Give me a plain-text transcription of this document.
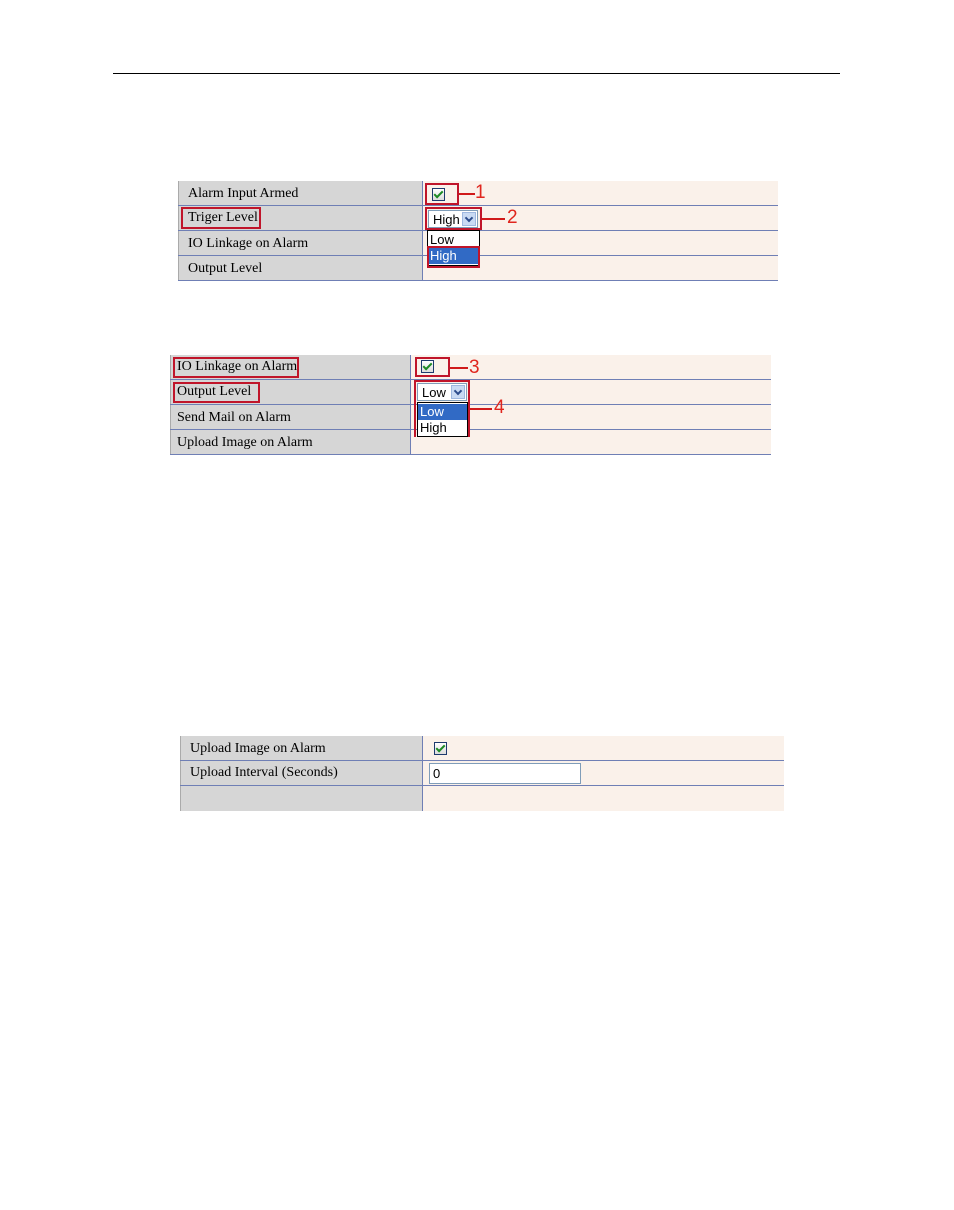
Alarm Input Armed
Triger Level
IO Linkage on Alarm
Output Level
High
Low
High
1
2
IO Linkage on Alarm
Output Level
Send Mail on Alarm
Upload Image on Alarm
Low
Low
High
3
4
Upload Image on Alarm
Upload Interval (Seconds)	0
